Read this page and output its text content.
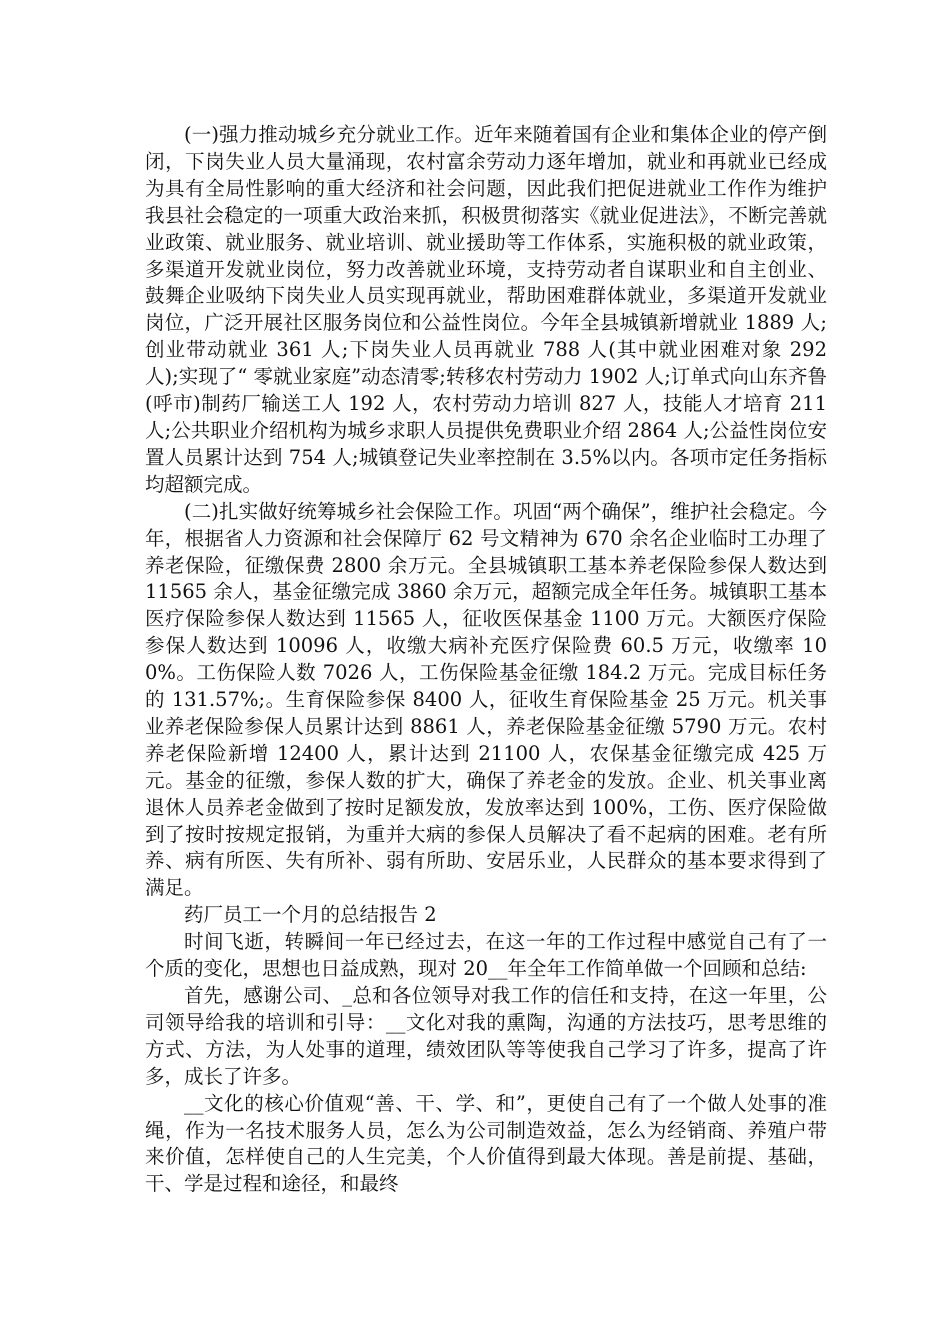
(一)强力推动城乡充分就业工作。近年来随着国有企业和集体企业的停产倒闭，下岗失业人员大量涌现，农村富余劳动力逐年增加，就业和再就业已经成为具有全局性影响的重大经济和社会问题，因此我们把促进就业工作作为维护我县社会稳定的一项重大政治来抓，积极贯彻落实《就业促进法》，不断完善就业政策、就业服务、就业培训、就业援助等工作体系，实施积极的就业政策，多渠道开发就业岗位，努力改善就业环境，支持劳动者自谋职业和自主创业、鼓舞企业吸纳下岗失业人员实现再就业，帮助困难群体就业，多渠道开发就业岗位，广泛开展社区服务岗位和公益性岗位。今年全县城镇新增就业 1889 人;创业带动就业 361 人;下岗失业人员再就业 788 人(其中就业困难对象 292 人);实现了“ 零就业家庭”动态清零;转移农村劳动力 1902 人;订单式向山东齐鲁(呼市)制药厂输送工人 192 人，农村劳动力培训 827 人，技能人才培育 211 人;公共职业介绍机构为城乡求职人员提供免费职业介绍 2864 人;公益性岗位安置人员累计达到 754 人;城镇登记失业率控制在 3.5%以内。各项市定任务指标均超额完成。

(二)扎实做好统筹城乡社会保险工作。巩固“两个确保”，维护社会稳定。今年，根据省人力资源和社会保障厅 62 号文精神为 670 余名企业临时工办理了养老保险，征缴保费 2800 余万元。全县城镇职工基本养老保险参保人数达到 11565 余人，基金征缴完成 3860 余万元，超额完成全年任务。城镇职工基本医疗保险参保人数达到 11565 人，征收医保基金 1100 万元。大额医疗保险参保人数达到 10096 人，收缴大病补充医疗保险费 60.5 万元，收缴率 100%。工伤保险人数 7026 人，工伤保险基金征缴 184.2 万元。完成目标任务的 131.57%;。生育保险参保 8400 人，征收生育保险基金 25 万元。机关事业养老保险参保人员累计达到 8861 人，养老保险基金征缴 5790 万元。农村养老保险新增 12400 人，累计达到 21100 人，农保基金征缴完成 425 万元。基金的征缴，参保人数的扩大，确保了养老金的发放。企业、机关事业离退休人员养老金做到了按时足额发放，发放率达到 100%，工伤、医疗保险做到了按时按规定报销，为重并大病的参保人员解决了看不起病的困难。老有所养、病有所医、失有所补、弱有所助、安居乐业，人民群众的基本要求得到了满足。

药厂员工一个月的总结报告 2

时间飞逝，转瞬间一年已经过去，在这一年的工作过程中感觉自己有了一个质的变化，思想也日益成熟，现对 20__年全年工作简单做一个回顾和总结:

首先，感谢公司、_总和各位领导对我工作的信任和支持，在这一年里，公司领导给我的培训和引导：__文化对我的熏陶，沟通的方法技巧，思考思维的方式、方法，为人处事的道理，绩效团队等等使我自己学习了许多，提高了许多，成长了许多。

__文化的核心价值观“善、干、学、和”，更使自己有了一个做人处事的准绳，作为一名技术服务人员，怎么为公司制造效益，怎么为经销商、养殖户带来价值，怎样使自己的人生完美，个人价值得到最大体现。善是前提、基础，干、学是过程和途径，和最终
